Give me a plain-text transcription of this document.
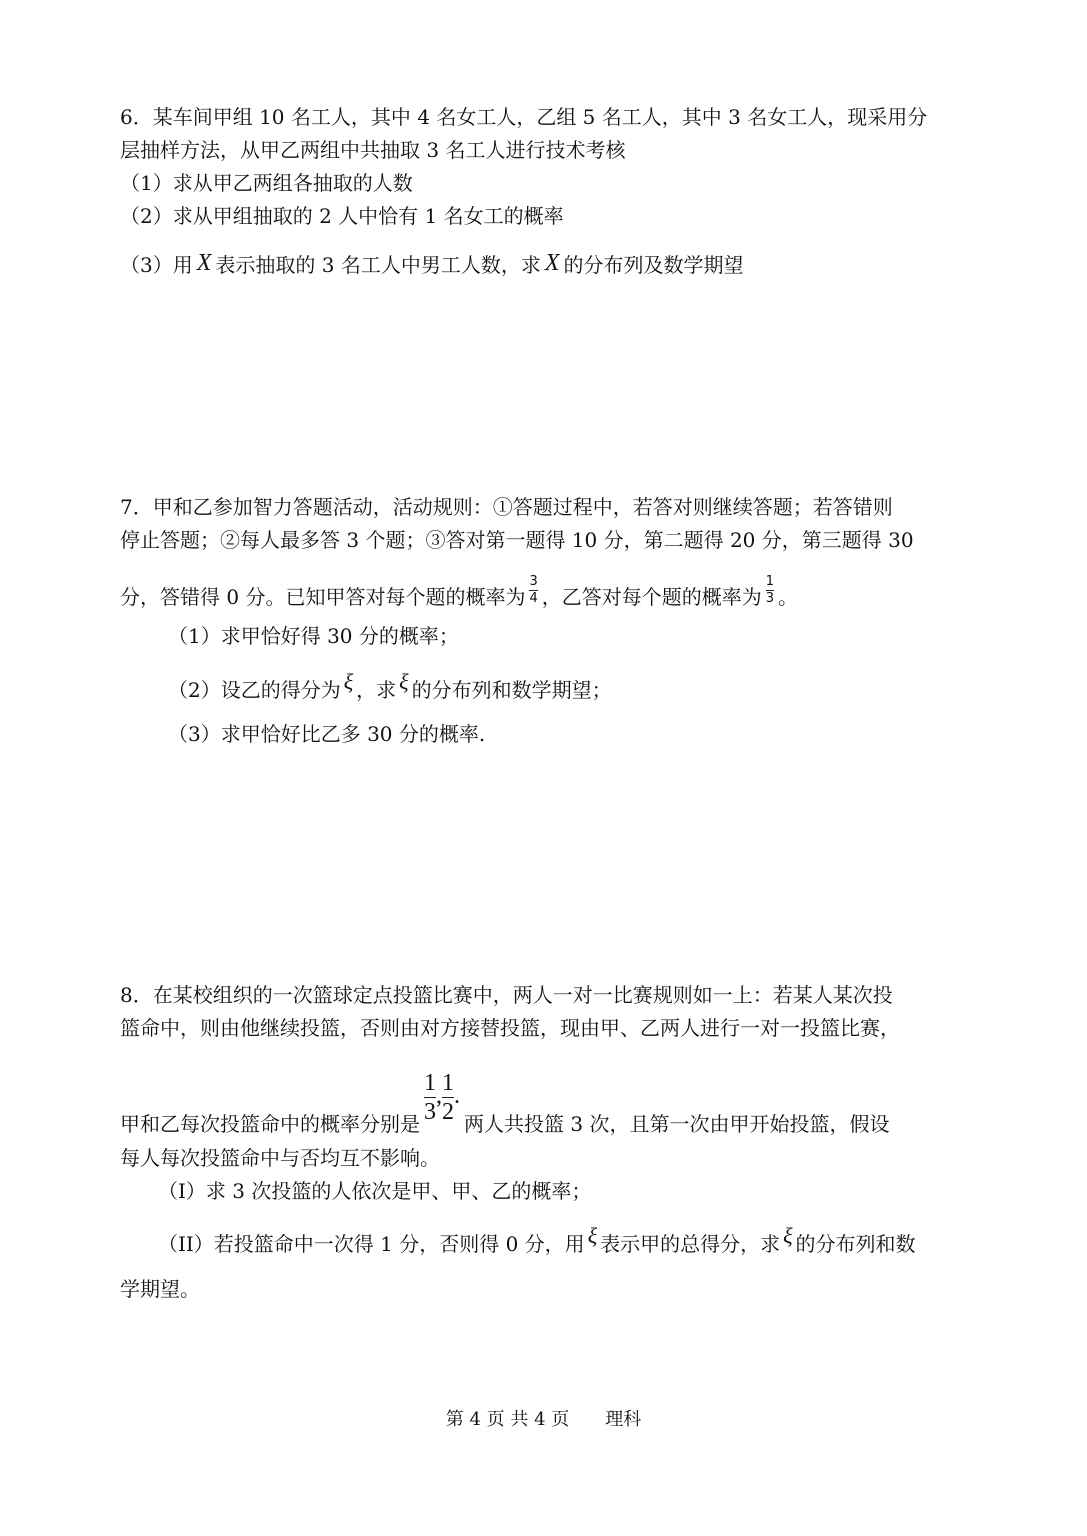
6．某车间甲组 10 名工人，其中 4 名女工人，乙组 5 名工人，其中 3 名女工人，现采用分
层抽样方法，从甲乙两组中共抽取 3 名工人进行技术考核
（1）求从甲乙两组各抽取的人数
（2）求从甲组抽取的 2 人中恰有 1 名女工的概率
（3）用 X 表示抽取的 3 名工人中男工人数，求 X 的分布列及数学期望
7．甲和乙参加智力答题活动，活动规则：①答题过程中，若答对则继续答题；若答错则
停止答题；②每人最多答 3 个题；③答对第一题得 10 分，第二题得 20 分，第三题得 30
分，答错得 0 分。已知甲答对每个题的概率为 $\frac{3}{4}$ ，乙答对每个题的概率为 $\frac{1}{3}$ 。
（1）求甲恰好得 30 分的概率；
（2）设乙的得分为 ξ ，求 ξ 的分布列和数学期望；
（3）求甲恰好比乙多 30 分的概率.
8．在某校组织的一次篮球定点投篮比赛中，两人一对一比赛规则如一上：若某人某次投
篮命中，则由他继续投篮，否则由对方接替投篮，现由甲、乙两人进行一对一投篮比赛，
甲和乙每次投篮命中的概率分别是 $\frac{1}{3}$ , $\frac{1}{2}$ .两人共投篮 3 次，且第一次由甲开始投篮，假设
每人每次投篮命中与否均互不影响。
（I）求 3 次投篮的人依次是甲、甲、乙的概率；
（II）若投篮命中一次得 1 分，否则得 0 分，用 ξ 表示甲的总得分，求 ξ 的分布列和数
学期望。
第 4 页 共 4 页　　理科
